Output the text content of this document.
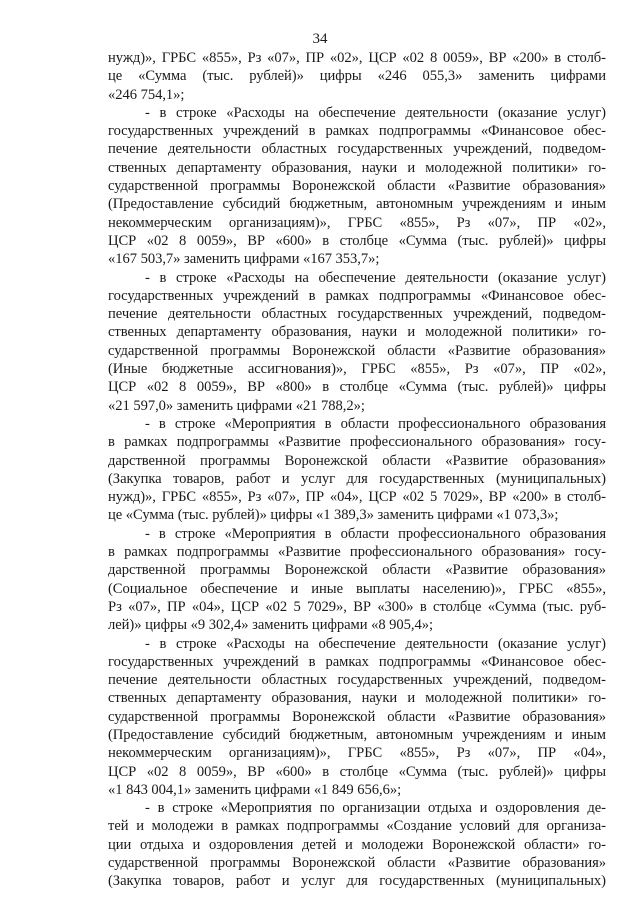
34
нужд)», ГРБС «855», Рз «07», ПР «02», ЦСР «02 8 0059», ВР «200» в столб-
це «Сумма (тыс. рублей)» цифры «246 055,3» заменить цифрами
«246 754,1»;
- в строке «Расходы на обеспечение деятельности (оказание услуг)
государственных учреждений в рамках подпрограммы «Финансовое обес-
печение деятельности областных государственных учреждений, подведом-
ственных департаменту образования, науки и молодежной политики» го-
сударственной программы Воронежской области «Развитие образования»
(Предоставление субсидий бюджетным, автономным учреждениям и иным
некоммерческим организациям)», ГРБС «855», Рз «07», ПР «02»,
ЦСР «02 8 0059», ВР «600» в столбце «Сумма (тыс. рублей)» цифры
«167 503,7» заменить цифрами «167 353,7»;
- в строке «Расходы на обеспечение деятельности (оказание услуг)
государственных учреждений в рамках подпрограммы «Финансовое обес-
печение деятельности областных государственных учреждений, подведом-
ственных департаменту образования, науки и молодежной политики» го-
сударственной программы Воронежской области «Развитие образования»
(Иные бюджетные ассигнования)», ГРБС «855», Рз «07», ПР «02»,
ЦСР «02 8 0059», ВР «800» в столбце «Сумма (тыс. рублей)» цифры
«21 597,0» заменить цифрами «21 788,2»;
- в строке «Мероприятия в области профессионального образования
в рамках подпрограммы «Развитие профессионального образования» госу-
дарственной программы Воронежской области «Развитие образования»
(Закупка товаров, работ и услуг для государственных (муниципальных)
нужд)», ГРБС «855», Рз «07», ПР «04», ЦСР «02 5 7029», ВР «200» в столб-
це «Сумма (тыс. рублей)» цифры «1 389,3» заменить цифрами «1 073,3»;
- в строке «Мероприятия в области профессионального образования
в рамках подпрограммы «Развитие профессионального образования» госу-
дарственной программы Воронежской области «Развитие образования»
(Социальное обеспечение и иные выплаты населению)», ГРБС «855»,
Рз «07», ПР «04», ЦСР «02 5 7029», ВР «300» в столбце «Сумма (тыс. руб-
лей)» цифры «9 302,4» заменить цифрами «8 905,4»;
- в строке «Расходы на обеспечение деятельности (оказание услуг)
государственных учреждений в рамках подпрограммы «Финансовое обес-
печение деятельности областных государственных учреждений, подведом-
ственных департаменту образования, науки и молодежной политики» го-
сударственной программы Воронежской области «Развитие образования»
(Предоставление субсидий бюджетным, автономным учреждениям и иным
некоммерческим организациям)», ГРБС «855», Рз «07», ПР «04»,
ЦСР «02 8 0059», ВР «600» в столбце «Сумма (тыс. рублей)» цифры
«1 843 004,1» заменить цифрами «1 849 656,6»;
- в строке «Мероприятия по организации отдыха и оздоровления де-
тей и молодежи в рамках подпрограммы «Создание условий для организа-
ции отдыха и оздоровления детей и молодежи Воронежской области» го-
сударственной программы Воронежской области «Развитие образования»
(Закупка товаров, работ и услуг для государственных (муниципальных)
